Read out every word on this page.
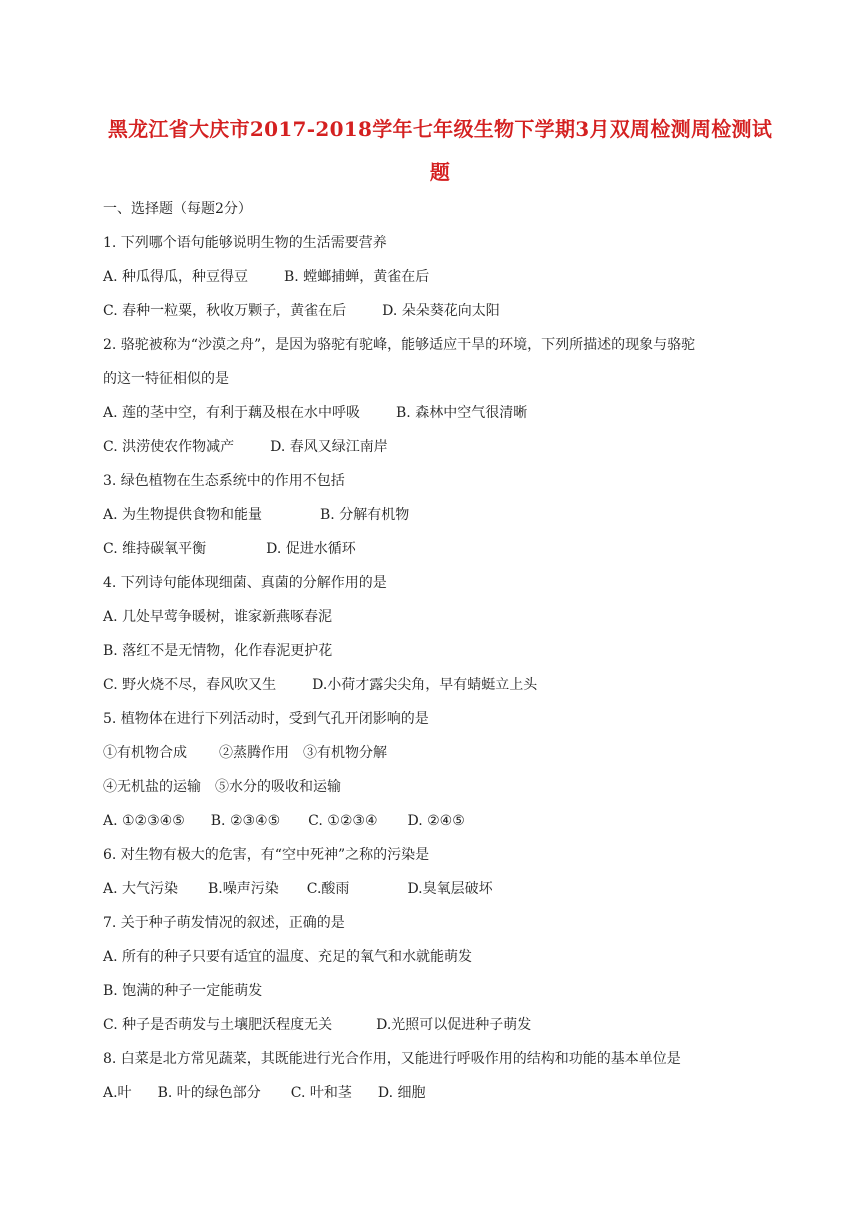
黑龙江省大庆市2017-2018学年七年级生物下学期3月双周检测周检测试
题
一、选择题（每题2分）
1. 下列哪个语句能够说明生物的生活需要营养
A. 种瓜得瓜，种豆得豆	B. 螳螂捕蝉，黄雀在后
C. 春种一粒粟，秋收万颗子，黄雀在后	D. 朵朵葵花向太阳
2. 骆驼被称为“沙漠之舟”，是因为骆驼有驼峰，能够适应干旱的环境，下列所描述的现象与骆驼
的这一特征相似的是
A. 莲的茎中空，有利于藕及根在水中呼吸	B. 森林中空气很清晰
C. 洪涝使农作物减产	D. 春风又绿江南岸
3. 绿色植物在生态系统中的作用不包括
A. 为生物提供食物和能量	B. 分解有机物
C. 维持碳氧平衡	D. 促进水循环
4. 下列诗句能体现细菌、真菌的分解作用的是
A. 几处早莺争暖树，谁家新燕啄春泥
B. 落红不是无情物，化作春泥更护花
C. 野火烧不尽，春风吹又生	D.小荷才露尖尖角，早有蜻蜓立上头
5. 植物体在进行下列活动时，受到气孔开闭影响的是
①有机物合成 ②蒸腾作用 ③有机物分解
④无机盐的运输 ⑤水分的吸收和运输
A. ①②③④⑤ B. ②③④⑤ C. ①②③④ D. ②④⑤
6. 对生物有极大的危害，有“空中死神”之称的污染是
A. 大气污染 B.噪声污染 C.酸雨	D.臭氧层破坏
7. 关于种子萌发情况的叙述，正确的是
A. 所有的种子只要有适宜的温度、充足的氧气和水就能萌发
B. 饱满的种子一定能萌发
C. 种子是否萌发与土壤肥沃程度无关	D.光照可以促进种子萌发
8. 白菜是北方常见蔬菜，其既能进行光合作用，又能进行呼吸作用的结构和功能的基本单位是
A.叶 B. 叶的绿色部分 C. 叶和茎 D. 细胞
